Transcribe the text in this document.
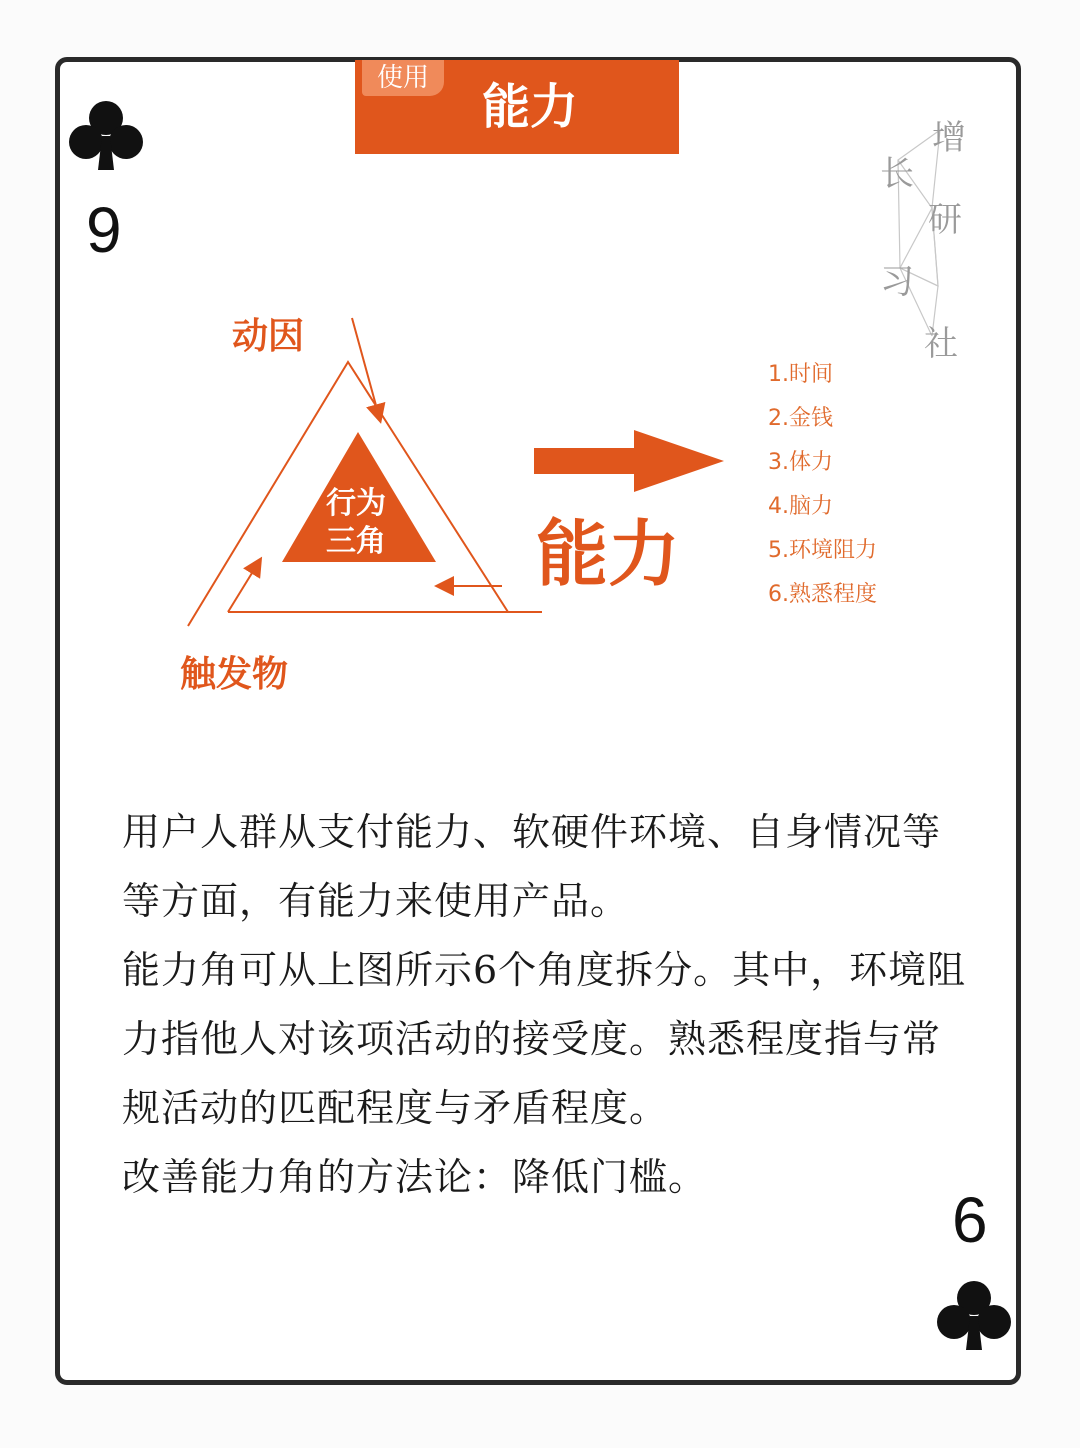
使用
能力
9
6
增
长
研
习
社
动因
触发物
行为
三角 能力
1.时间
2.金钱
3.体力
4.脑力
5.环境阻力
6.熟悉程度

用户人群从支付能力、软硬件环境、自身情况等等方面，有能力来使用产品。

能力角可从上图所示6个角度拆分。其中，环境阻力指他人对该项活动的接受度。熟悉程度指与常规活动的匹配程度与矛盾程度。

改善能力角的方法论：降低门槛。
